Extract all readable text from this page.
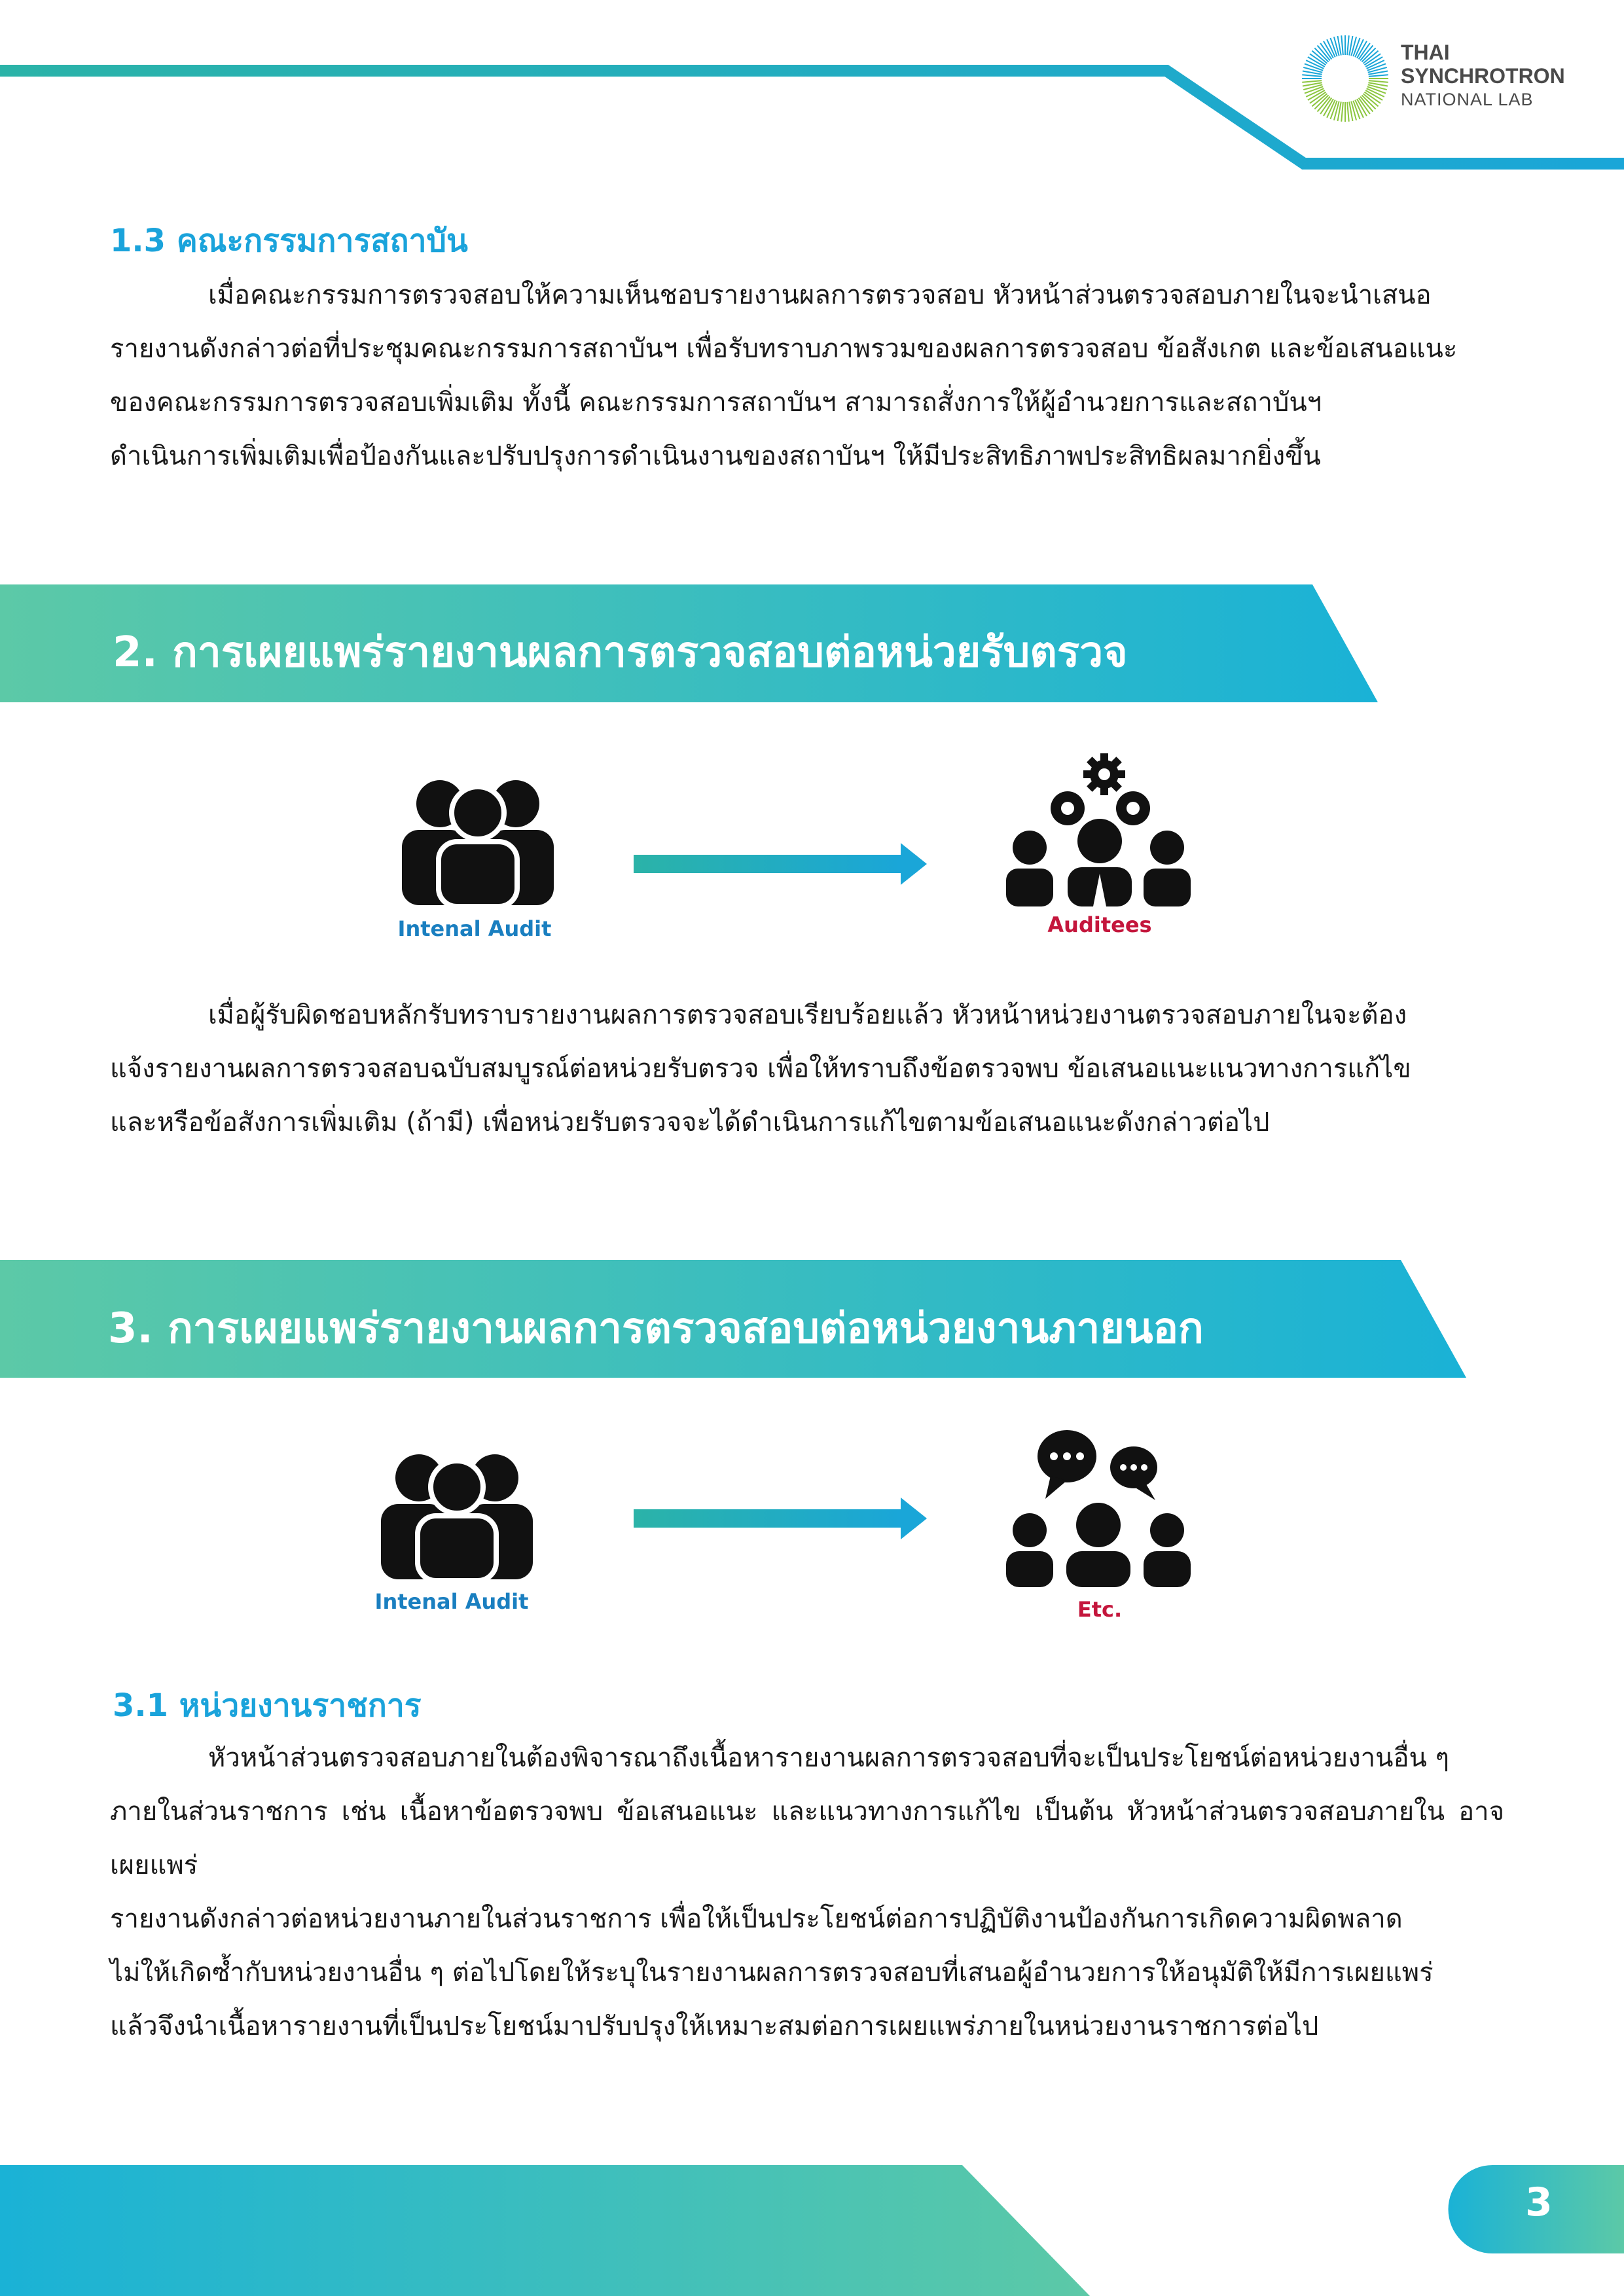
THAI
SYNCHROTRON
NATIONAL LAB
1.3 คณะกรรมการสถาบัน
เมื่อคณะกรรมการตรวจสอบให้ความเห็นชอบรายงานผลการตรวจสอบ หัวหน้าส่วนตรวจสอบภายในจะนำเสนอ
รายงานดังกล่าวต่อที่ประชุมคณะกรรมการสถาบันฯ เพื่อรับทราบภาพรวมของผลการตรวจสอบ ข้อสังเกต และข้อเสนอแนะ
ของคณะกรรมการตรวจสอบเพิ่มเติม ทั้งนี้ คณะกรรมการสถาบันฯ สามารถสั่งการให้ผู้อำนวยการและสถาบันฯ
ดำเนินการเพิ่มเติมเพื่อป้องกันและปรับปรุงการดำเนินงานของสถาบันฯ ให้มีประสิทธิภาพประสิทธิผลมากยิ่งขึ้น
2. การเผยแพร่รายงานผลการตรวจสอบต่อหน่วยรับตรวจ
Intenal Audit	Auditees
เมื่อผู้รับผิดชอบหลักรับทราบรายงานผลการตรวจสอบเรียบร้อยแล้ว หัวหน้าหน่วยงานตรวจสอบภายในจะต้อง
แจ้งรายงานผลการตรวจสอบฉบับสมบูรณ์ต่อหน่วยรับตรวจ เพื่อให้ทราบถึงข้อตรวจพบ ข้อเสนอแนะแนวทางการแก้ไข
และหรือข้อสังการเพิ่มเติม (ถ้ามี) เพื่อหน่วยรับตรวจจะได้ดำเนินการแก้ไขตามข้อเสนอแนะดังกล่าวต่อไป
3. การเผยแพร่รายงานผลการตรวจสอบต่อหน่วยงานภายนอก
Intenal Audit	Etc.
3.1 หน่วยงานราชการ
หัวหน้าส่วนตรวจสอบภายในต้องพิจารณาถึงเนื้อหารายงานผลการตรวจสอบที่จะเป็นประโยชน์ต่อหน่วยงานอื่น ๆ
ภายในส่วนราชการ เช่น เนื้อหาข้อตรวจพบ ข้อเสนอแนะ และแนวทางการแก้ไข เป็นต้น หัวหน้าส่วนตรวจสอบภายใน อาจเผยแพร่
รายงานดังกล่าวต่อหน่วยงานภายในส่วนราชการ เพื่อให้เป็นประโยชน์ต่อการปฏิบัติงานป้องกันการเกิดความผิดพลาด
ไม่ให้เกิดซ้ำกับหน่วยงานอื่น ๆ ต่อไปโดยให้ระบุในรายงานผลการตรวจสอบที่เสนอผู้อำนวยการให้อนุมัติให้มีการเผยแพร่
แล้วจึงนำเนื้อหารายงานที่เป็นประโยชน์มาปรับปรุงให้เหมาะสมต่อการเผยแพร่ภายในหน่วยงานราชการต่อไป
3
